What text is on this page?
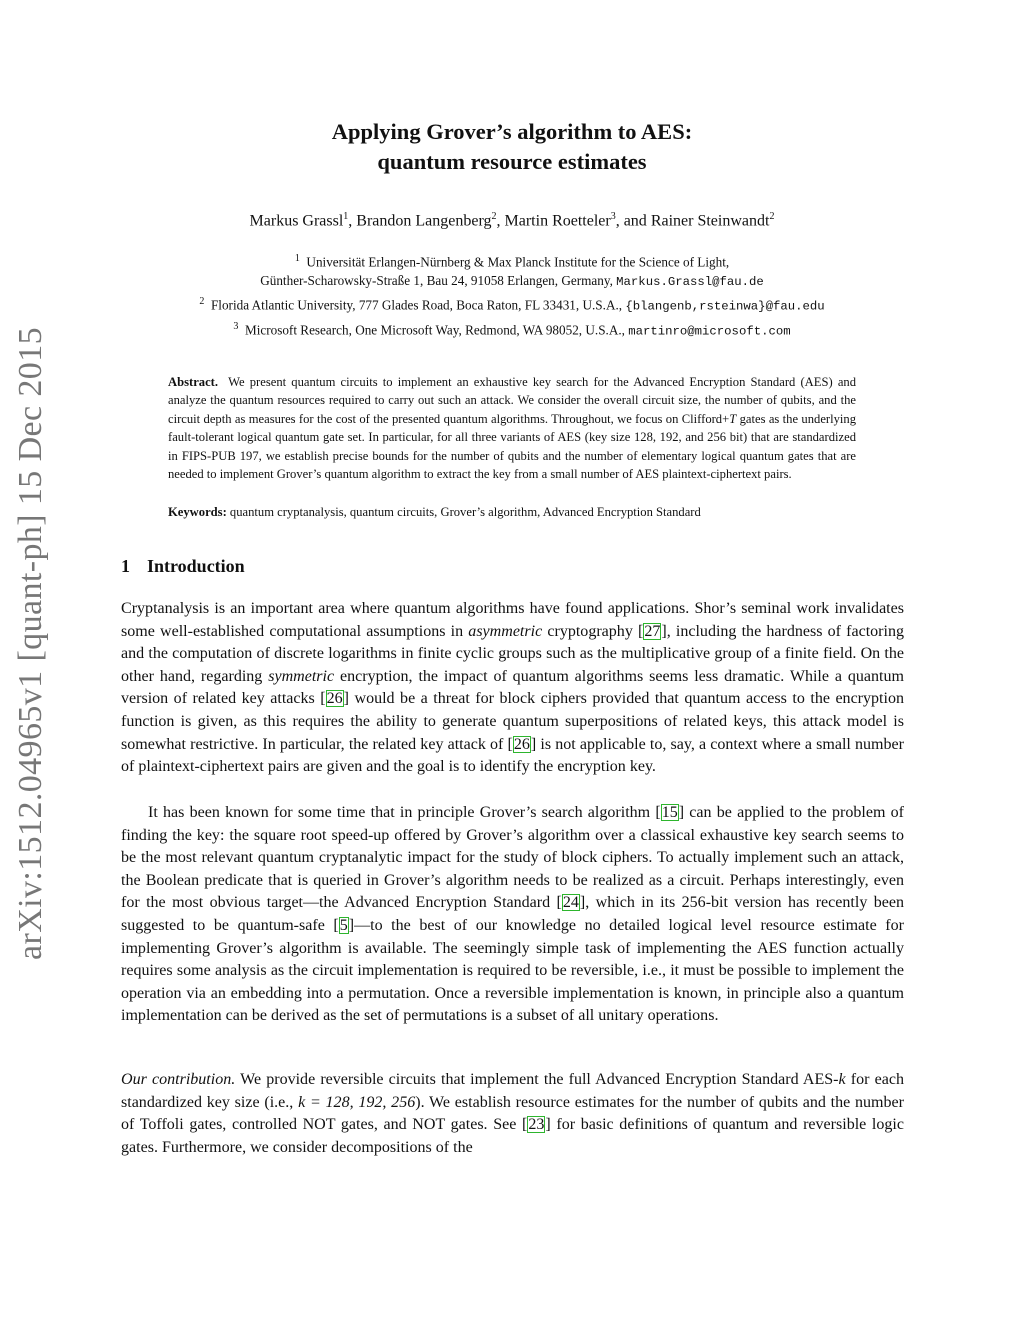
arXiv:1512.04965v1 [quant-ph] 15 Dec 2015
Applying Grover’s algorithm to AES:
quantum resource estimates
Markus Grassl$^1$, Brandon Langenberg$^2$, Martin Roetteler$^3$, and Rainer Steinwandt$^2$
$^1$ Universität Erlangen-Nürnberg & Max Planck Institute for the Science of Light,
Günther-Scharowsky-Straße 1, Bau 24, 91058 Erlangen, Germany, Markus.Grassl@fau.de
$^2$ Florida Atlantic University, 777 Glades Road, Boca Raton, FL 33431, U.S.A., {blangenb,rsteinwa}@fau.edu
$^3$ Microsoft Research, One Microsoft Way, Redmond, WA 98052, U.S.A., martinro@microsoft.com
Abstract. We present quantum circuits to implement an exhaustive key search for the Advanced Encryption Standard (AES) and analyze the quantum resources required to carry out such an attack. We consider the overall circuit size, the number of qubits, and the circuit depth as measures for the cost of the presented quantum algorithms. Throughout, we focus on Clifford+T gates as the underlying fault-tolerant logical quantum gate set. In particular, for all three variants of AES (key size 128, 192, and 256 bit) that are standardized in FIPS-PUB 197, we establish precise bounds for the number of qubits and the number of elementary logical quantum gates that are needed to implement Grover’s quantum algorithm to extract the key from a small number of AES plaintext-ciphertext pairs.
Keywords: quantum cryptanalysis, quantum circuits, Grover’s algorithm, Advanced Encryption Standard
1 Introduction

Cryptanalysis is an important area where quantum algorithms have found applications. Shor’s seminal work invalidates some well-established computational assumptions in asymmetric cryptography [27], including the hardness of factoring and the computation of discrete logarithms in finite cyclic groups such as the multiplicative group of a finite field. On the other hand, regarding symmetric encryption, the impact of quantum algorithms seems less dramatic. While a quantum version of related key attacks [26] would be a threat for block ciphers provided that quantum access to the encryption function is given, as this requires the ability to generate quantum superpositions of related keys, this attack model is somewhat restrictive. In particular, the related key attack of [26] is not applicable to, say, a context where a small number of plaintext-ciphertext pairs are given and the goal is to identify the encryption key.

It has been known for some time that in principle Grover’s search algorithm [15] can be applied to the problem of finding the key: the square root speed-up offered by Grover’s algorithm over a classical exhaustive key search seems to be the most relevant quantum cryptanalytic impact for the study of block ciphers. To actually implement such an attack, the Boolean predicate that is queried in Grover’s algorithm needs to be realized as a circuit. Perhaps interestingly, even for the most obvious target—the Advanced Encryption Standard [24], which in its 256-bit version has recently been suggested to be quantum-safe [5]—to the best of our knowledge no detailed logical level resource estimate for implementing Grover’s algorithm is available. The seemingly simple task of implementing the AES function actually requires some analysis as the circuit implementation is required to be reversible, i.e., it must be possible to implement the operation via an embedding into a permutation. Once a reversible implementation is known, in principle also a quantum implementation can be derived as the set of permutations is a subset of all unitary operations.

Our contribution. We provide reversible circuits that implement the full Advanced Encryption Standard AES-k for each standardized key size (i.e., k = 128, 192, 256). We establish resource estimates for the number of qubits and the number of Toffoli gates, controlled NOT gates, and NOT gates. See [23] for basic definitions of quantum and reversible logic gates. Furthermore, we consider decompositions of the
